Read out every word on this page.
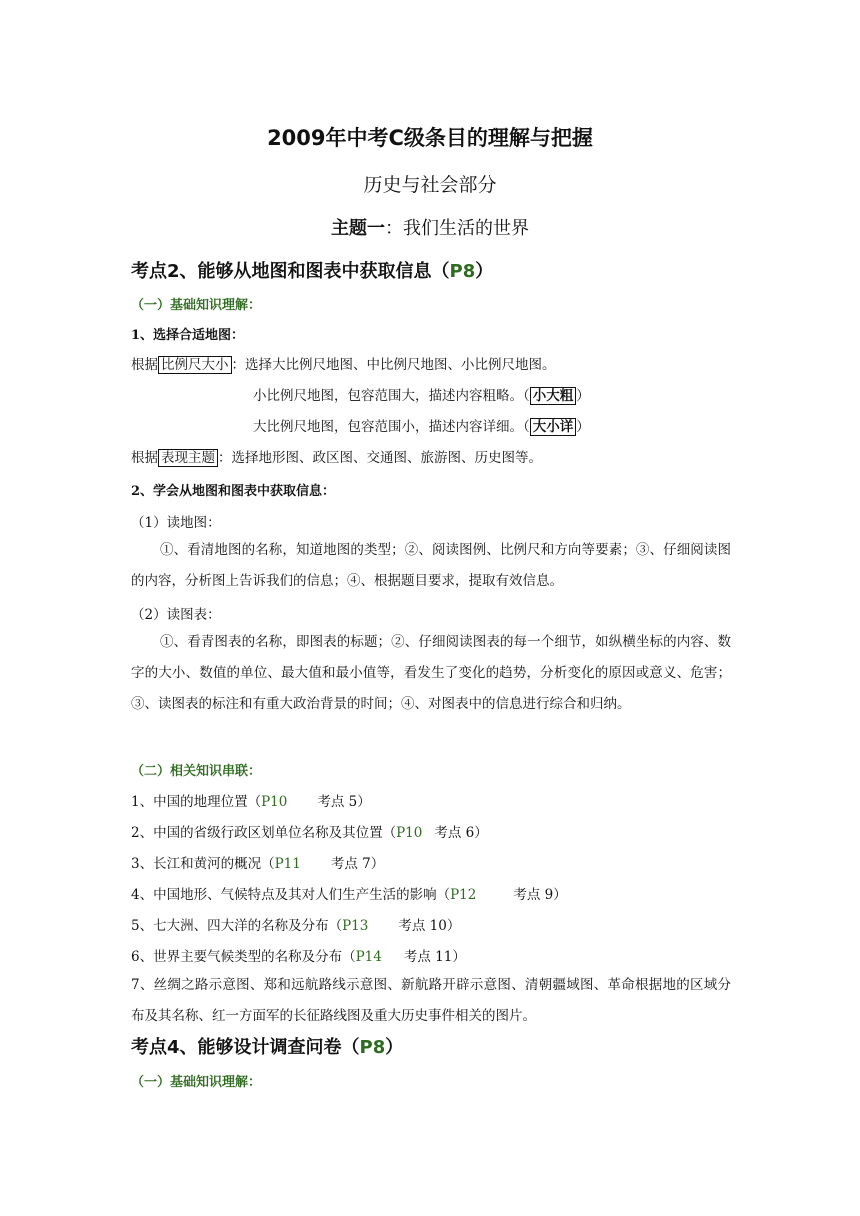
2009年中考C级条目的理解与把握
历史与社会部分
主题一：我们生活的世界
考点2、能够从地图和图表中获取信息（P8）
（一）基础知识理解：
1、选择合适地图：
根据 比例尺大小 ：选择大比例尺地图、中比例尺地图、小比例尺地图。
小比例尺地图，包容范围大，描述内容粗略。（ 小大粗 ）
大比例尺地图，包容范围小，描述内容详细。（ 大小详 ）
根据 表现主题 ：选择地形图、政区图、交通图、旅游图、历史图等。
2、学会从地图和图表中获取信息：
（1）读地图：
①、看清地图的名称，知道地图的类型；②、阅读图例、比例尺和方向等要素；③、仔细阅读图的内容，分析图上告诉我们的信息；④、根据题目要求，提取有效信息。
（2）读图表：
①、看青图表的名称，即图表的标题；②、仔细阅读图表的每一个细节，如纵横坐标的内容、数字的大小、数值的单位、最大值和最小值等，看发生了变化的趋势，分析变化的原因或意义、危害；③、读图表的标注和有重大政治背景的时间；④、对图表中的信息进行综合和归纳。
（二）相关知识串联：
1、中国的地理位置（P10 考点 5）
2、中国的省级行政区划单位名称及其位置（P10 考点 6）
3、长江和黄河的概况（P11 考点 7）
4、中国地形、气候特点及其对人们生产生活的影响（P12	考点 9）
5、七大洲、四大洋的名称及分布（P13 考点 10）
6、世界主要气候类型的名称及分布（P14 考点 11）
7、丝绸之路示意图、郑和远航路线示意图、新航路开辟示意图、清朝疆域图、革命根据地的区域分布及其名称、红一方面军的长征路线图及重大历史事件相关的图片。
考点4、能够设计调查问卷（P8）
（一）基础知识理解：
